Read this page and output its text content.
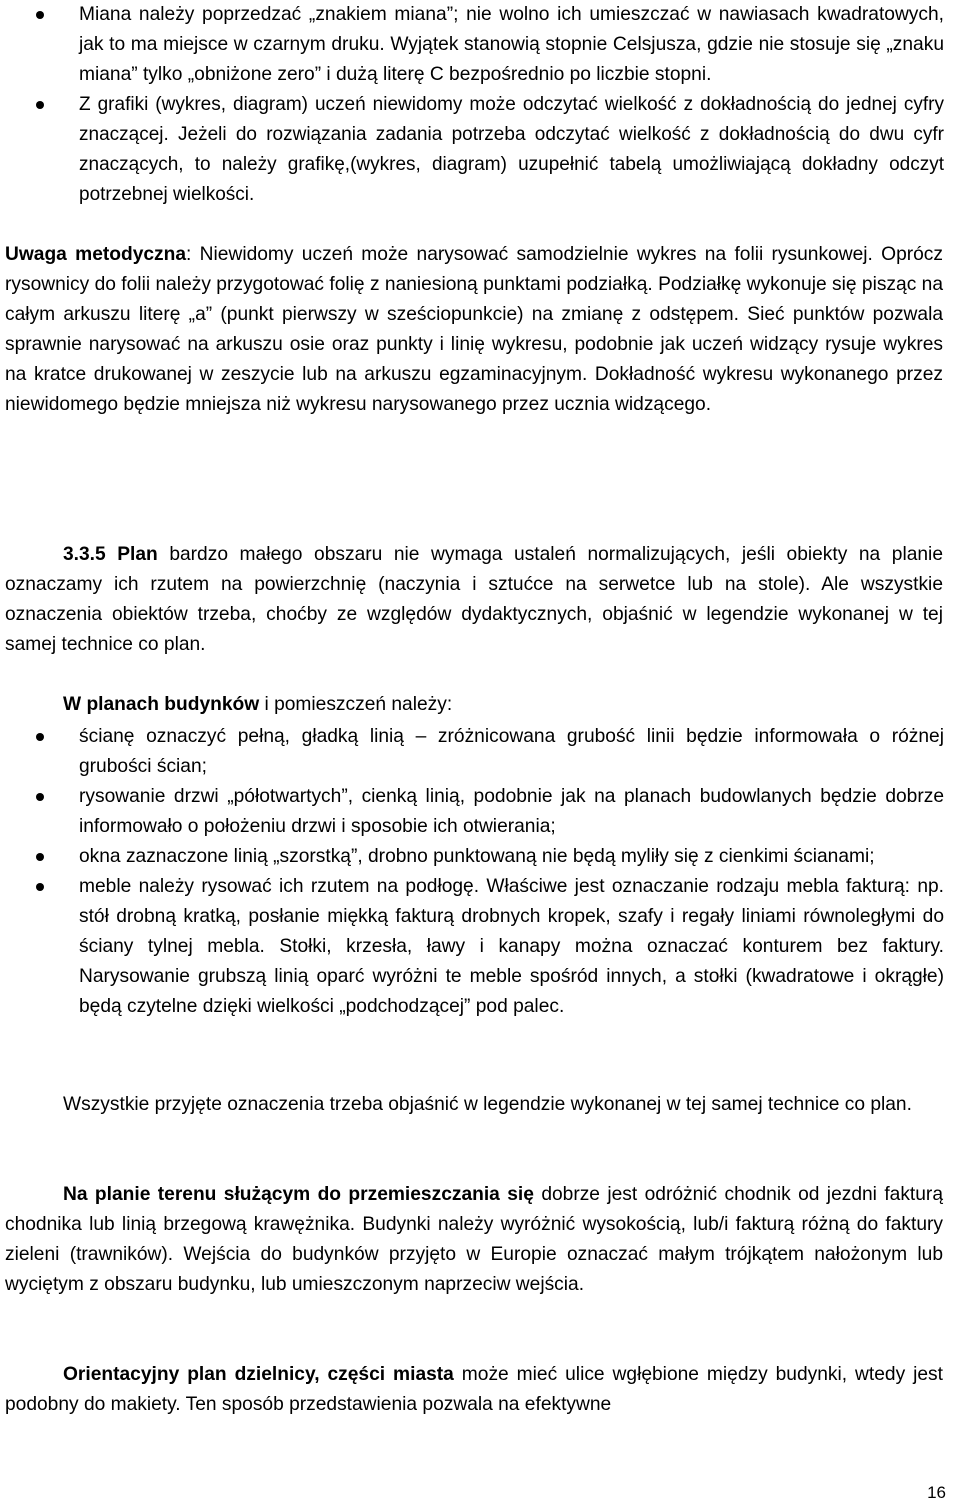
Miana należy poprzedzać „znakiem miana”; nie wolno ich umieszczać w nawiasach kwadratowych, jak to ma miejsce w czarnym druku. Wyjątek stanowią stopnie Celsjusza, gdzie nie stosuje się „znaku miana” tylko „obniżone zero” i dużą literę C bezpośrednio po liczbie stopni.
Z grafiki (wykres, diagram) uczeń niewidomy może odczytać wielkość z dokładnością do jednej cyfry znaczącej. Jeżeli do rozwiązania zadania potrzeba odczytać wielkość z dokładnością do dwu cyfr znaczących, to należy grafikę,(wykres, diagram) uzupełnić tabelą umożliwiającą dokładny odczyt potrzebnej wielkości.

Uwaga metodyczna: Niewidomy uczeń może narysować samodzielnie wykres na folii rysunkowej. Oprócz rysownicy do folii należy przygotować folię z naniesioną punktami podziałką. Podziałkę wykonuje się pisząc na całym arkuszu literę „a” (punkt pierwszy w sześciopunkcie) na zmianę z odstępem. Sieć punktów pozwala sprawnie narysować na arkuszu osie oraz punkty i linię wykresu, podobnie jak uczeń widzący rysuje wykres na kratce drukowanej w zeszycie lub na arkuszu egzaminacyjnym. Dokładność wykresu wykonanego przez niewidomego będzie mniejsza niż wykresu narysowanego przez ucznia widzącego.

3.3.5 Plan bardzo małego obszaru nie wymaga ustaleń normalizujących, jeśli obiekty na planie oznaczamy ich rzutem na powierzchnię (naczynia i sztućce na serwetce lub na stole). Ale wszystkie oznaczenia obiektów trzeba, choćby ze względów dydaktycznych, objaśnić w legendzie wykonanej w tej samej technice co plan.

W planach budynków i pomieszczeń należy:

ścianę oznaczyć pełną, gładką linią – zróżnicowana grubość linii będzie informowała o różnej grubości ścian;
rysowanie drzwi „półotwartych”, cienką linią, podobnie jak na planach budowlanych będzie dobrze informowało o położeniu drzwi i sposobie ich otwierania;
okna zaznaczone linią „szorstką”, drobno punktowaną nie będą myliły się z cienkimi ścianami;
meble należy rysować ich rzutem na podłogę. Właściwe jest oznaczanie rodzaju mebla fakturą: np. stół drobną kratką, posłanie miękką fakturą drobnych kropek, szafy i regały liniami równoległymi do ściany tylnej mebla. Stołki, krzesła, ławy i kanapy można oznaczać konturem bez faktury. Narysowanie grubszą linią oparć wyróżni te meble spośród innych, a stołki (kwadratowe i okrągłe) będą czytelne dzięki wielkości „podchodzącej” pod palec.

Wszystkie przyjęte oznaczenia trzeba objaśnić w legendzie wykonanej w tej samej technice co plan.

Na planie terenu służącym do przemieszczania się dobrze jest odróżnić chodnik od jezdni fakturą chodnika lub linią brzegową krawężnika. Budynki należy wyróżnić wysokością, lub/i fakturą różną do faktury zieleni (trawników). Wejścia do budynków przyjęto w Europie oznaczać małym trójkątem nałożonym lub wyciętym z obszaru budynku, lub umieszczonym naprzeciw wejścia.

Orientacyjny plan dzielnicy, części miasta może mieć ulice wgłębione między budynki, wtedy jest podobny do makiety. Ten sposób przedstawienia pozwala na efektywne

16
